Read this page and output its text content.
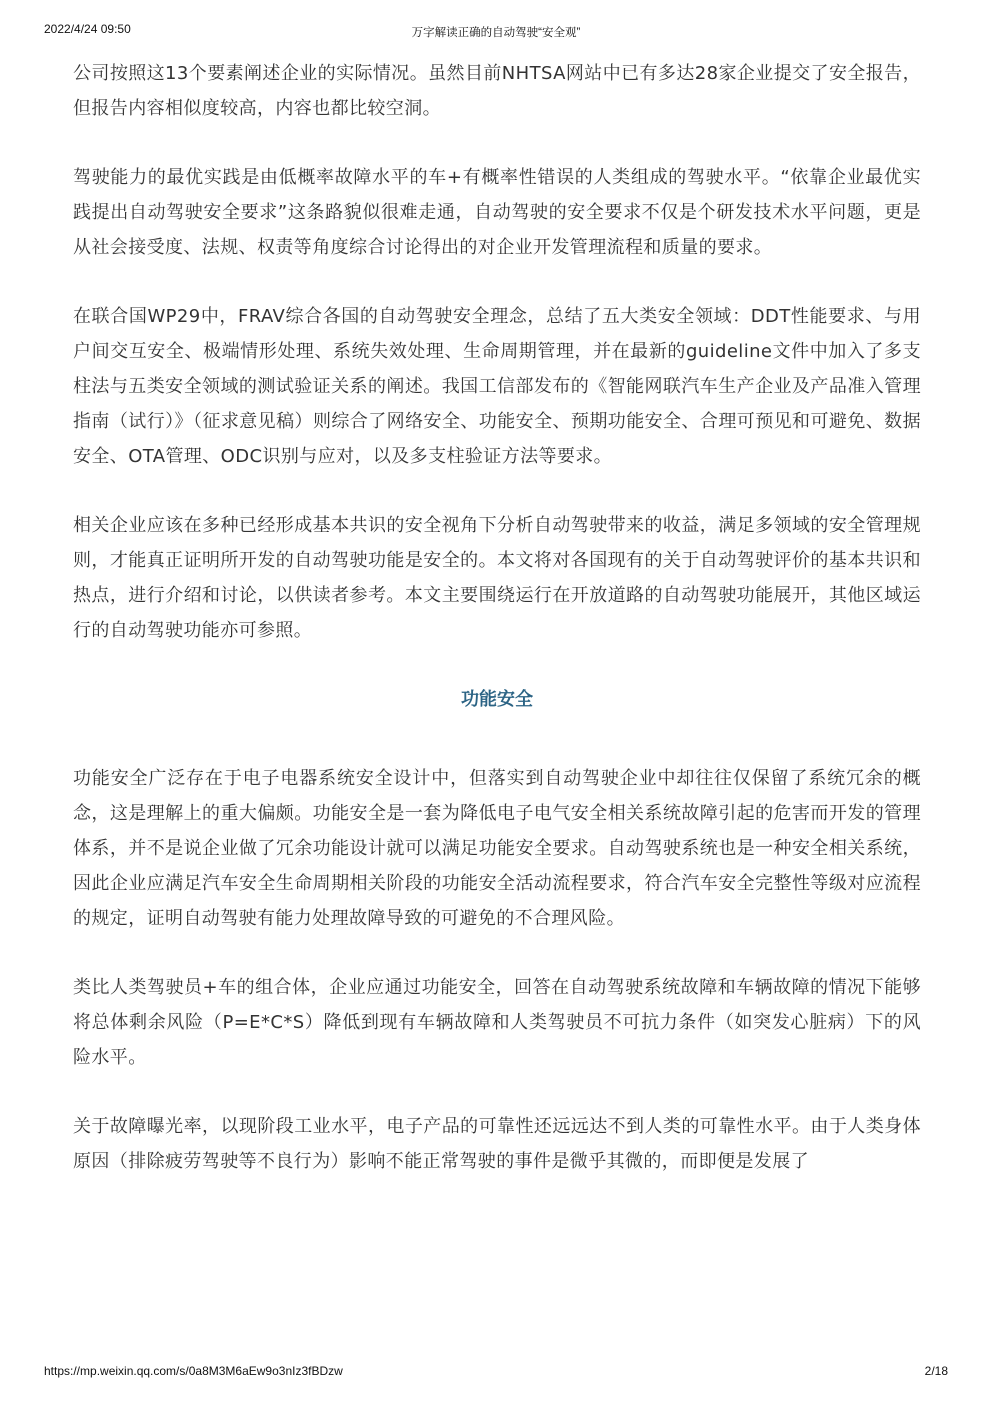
2022/4/24 09:50	万字解读正确的自动驾驶“安全观”

公司按照这13个要素阐述企业的实际情况。虽然目前NHTSA网站中已有多达28家企业提交了安全报告，但报告内容相似度较高，内容也都比较空洞。

驾驶能力的最优实践是由低概率故障水平的车+有概率性错误的人类组成的驾驶水平。“依靠企业最优实践提出自动驾驶安全要求”这条路貌似很难走通，自动驾驶的安全要求不仅是个研发技术水平问题，更是从社会接受度、法规、权责等角度综合讨论得出的对企业开发管理流程和质量的要求。

在联合国WP29中，FRAV综合各国的自动驾驶安全理念，总结了五大类安全领域：DDT性能要求、与用户间交互安全、极端情形处理、系统失效处理、生命周期管理，并在最新的guideline文件中加入了多支柱法与五类安全领域的测试验证关系的阐述。我国工信部发布的《智能网联汽车生产企业及产品准入管理指南（试行）》（征求意见稿）则综合了网络安全、功能安全、预期功能安全、合理可预见和可避免、数据安全、OTA管理、ODC识别与应对，以及多支柱验证方法等要求。

相关企业应该在多种已经形成基本共识的安全视角下分析自动驾驶带来的收益，满足多领域的安全管理规则，才能真正证明所开发的自动驾驶功能是安全的。本文将对各国现有的关于自动驾驶评价的基本共识和热点，进行介绍和讨论，以供读者参考。本文主要围绕运行在开放道路的自动驾驶功能展开，其他区域运行的自动驾驶功能亦可参照。

功能安全

功能安全广泛存在于电子电器系统安全设计中，但落实到自动驾驶企业中却往往仅保留了系统冗余的概念，这是理解上的重大偏颇。功能安全是一套为降低电子电气安全相关系统故障引起的危害而开发的管理体系，并不是说企业做了冗余功能设计就可以满足功能安全要求。自动驾驶系统也是一种安全相关系统，因此企业应满足汽车安全生命周期相关阶段的功能安全活动流程要求，符合汽车安全完整性等级对应流程的规定，证明自动驾驶有能力处理故障导致的可避免的不合理风险。

类比人类驾驶员+车的组合体，企业应通过功能安全，回答在自动驾驶系统故障和车辆故障的情况下能够将总体剩余风险（P=E*C*S）降低到现有车辆故障和人类驾驶员不可抗力条件（如突发心脏病）下的风险水平。

关于故障曝光率，以现阶段工业水平，电子产品的可靠性还远远达不到人类的可靠性水平。由于人类身体原因（排除疲劳驾驶等不良行为）影响不能正常驾驶的事件是微乎其微的，而即便是发展了

https://mp.weixin.qq.com/s/0a8M3M6aEw9o3nIz3fBDzw	2/18
